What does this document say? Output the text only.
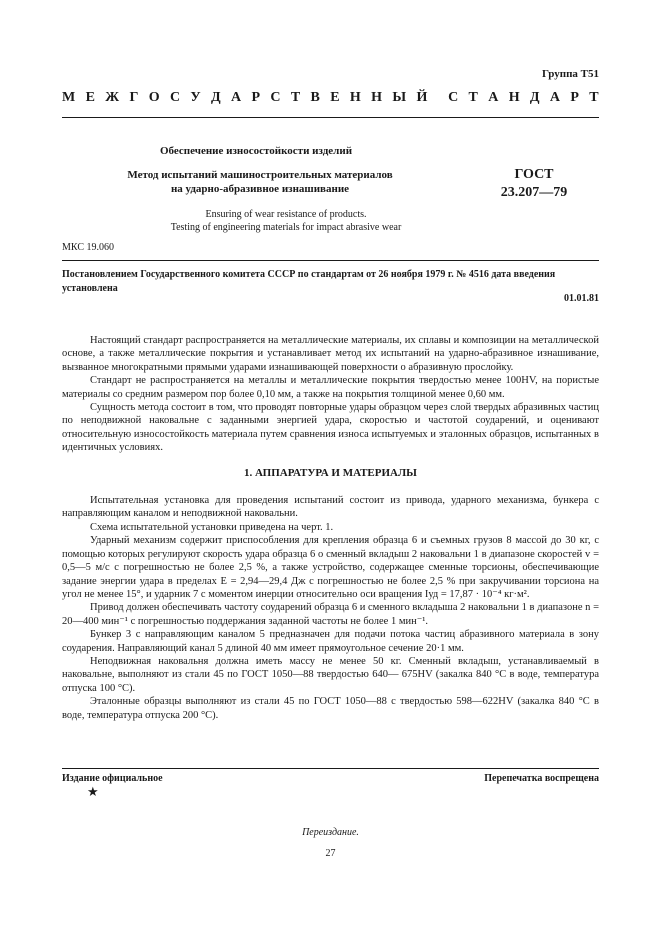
Группа Т51
М Е Ж Г О С У Д А Р С Т В Е Н Н Ы Й С Т А Н Д А Р Т
Обеспечение износостойкости изделий
Метод испытаний машиностроительных материалов
на ударно-абразивное изнашивание
ГОСТ
23.207—79
Ensuring of wear resistance of products.
Testing of engineering materials for impact abrasive wear
МКС 19.060
Постановлением Государственного комитета СССР по стандартам от 26 ноября 1979 г. № 4516 дата введения установлена
01.01.81

Настоящий стандарт распространяется на металлические материалы, их сплавы и композиции на металлической основе, а также металлические покрытия и устанавливает метод их испытаний на ударно-абразивное изнашивание, вызванное многократными прямыми ударами изнашивающей поверхности о абразивную прослойку.

Стандарт не распространяется на металлы и металлические покрытия твердостью менее 100HV, на пористые материалы со средним размером пор более 0,10 мм, а также на покрытия толщиной менее 0,60 мм.

Сущность метода состоит в том, что проводят повторные удары образцом через слой твердых абразивных частиц по неподвижной наковальне с заданными энергией удара, скоростью и частотой соударений, и оценивают относительную износостойкость материала путем сравнения износа испытуемых и эталонных образцов, испытанных в идентичных условиях.

1. АППАРАТУРА И МАТЕРИАЛЫ

Испытательная установка для проведения испытаний состоит из привода, ударного механизма, бункера с направляющим каналом и неподвижной наковальни.

Схема испытательной установки приведена на черт. 1.

Ударный механизм содержит приспособления для крепления образца 6 и съемных грузов 8 массой до 30 кг, с помощью которых регулируют скорость удара образца 6 о сменный вкладыш 2 наковальни 1 в диапазоне скоростей v = 0,5—5 м/с с погрешностью не более 2,5 %, а также устройство, содержащее сменные торсионы, обеспечивающие задание энергии удара в пределах E = 2,94—29,4 Дж с погрешностью не более 2,5 % при закручивании торсиона на угол не менее 15°, и ударник 7 с моментом инерции относительно оси вращения Iуд = 17,87 · 10⁻⁴ кг·м².

Привод должен обеспечивать частоту соударений образца 6 и сменного вкладыша 2 наковальни 1 в диапазоне n = 20—400 мин⁻¹ с погрешностью поддержания заданной частоты не более 1 мин⁻¹.

Бункер 3 с направляющим каналом 5 предназначен для подачи потока частиц абразивного материала в зону соударения. Направляющий канал 5 длиной 40 мм имеет прямоугольное сечение 20·1 мм.

Неподвижная наковальня должна иметь массу не менее 50 кг. Сменный вкладыш, устанавливаемый в наковальне, выполняют из стали 45 по ГОСТ 1050—88 твердостью 640— 675HV (закалка 840 °С в воде, температура отпуска 100 °С).

Эталонные образцы выполняют из стали 45 по ГОСТ 1050—88 с твердостью 598—622HV (закалка 840 °С в воде, температура отпуска 200 °С).

Издание официальное	Перепечатка воспрещена
★
Переиздание.
27
